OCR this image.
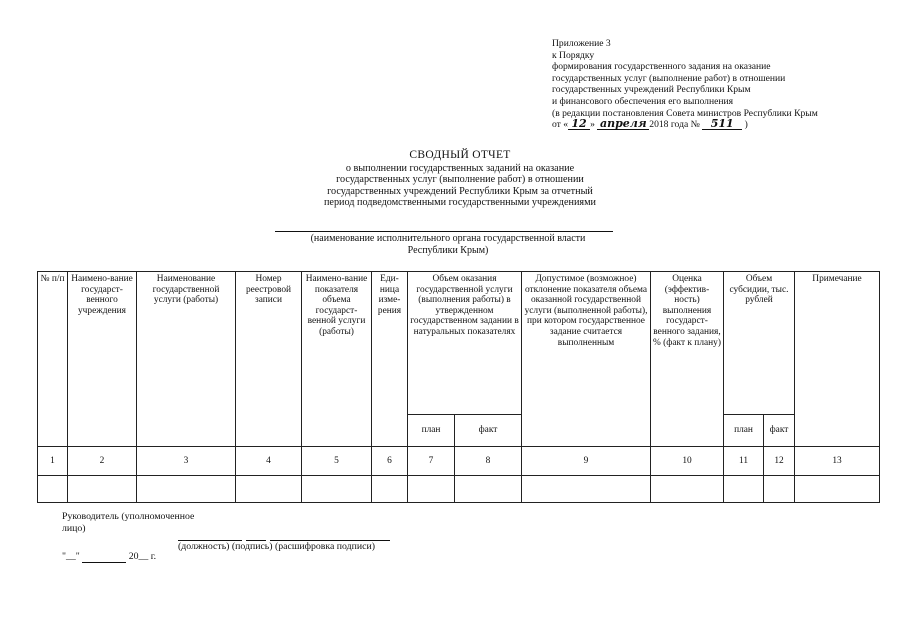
Приложение 3
к Порядку
формирования государственного задания на оказание
государственных услуг (выполнение работ) в отношении
государственных учреждений Республики Крым
и финансового обеспечения его выполнения
(в редакции постановления Совета министров Республики Крым
от « 12 » апреля 2018 года № 511 )
СВОДНЫЙ ОТЧЕТ
о выполнении государственных заданий на оказание
государственных услуг (выполнение работ) в отношении
государственных учреждений Республики Крым за отчетный
период подведомственными государственными учреждениями
(наименование исполнительного органа государственной власти
Республики Крым)
№ п/п	Наимено-вание государст-венного учреждения	Наименование государственной услуги (работы)	Номер реестровой записи	Наимено-вание показателя объема государст-венной услуги (работы)	Еди-ница изме-рения	Объем оказания государственной услуги (выполнения работы) в утвержденном государственном задании в натуральных показателях		Допустимое (возможное) отклонение показателя объема оказанной государственной услуги (выполненной работы), при котором государственное задание считается выполненным	Оценка (эффектив-ность) выполнения государст-венного задания, % (факт к плану)	Объем субсидии, тыс. рублей		Примечание
						план	факт			план	факт	
1	2	3	4	5	6	7	8	9	10	11	12	13

Руководитель (уполномоченное
лицо)
(должность) (подпись) (расшифровка подписи)
"__"	20__ г.
